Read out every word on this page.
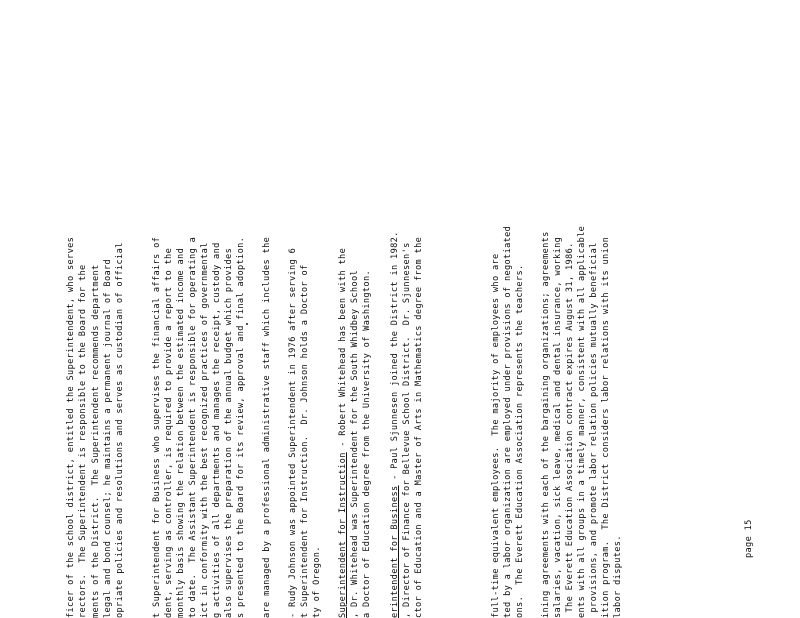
ficer of the school district, entitled the Superintendent, who serves

rectors.  The Superintendent is responsible to the Board for the

ments of the District.  The Superintendent recommends department

legal and bond counsel; he maintains a permanent journal of Board

opriate policies and resolutions and serves as custodian of official

	t Superintendent for Business who supervises the financial affairs of

dent, serving as controller, is required to provide a report to the

monthly basis showing the relation between the estimated income and

to date.  The Assistant Superintendent is responsible for operating a

ict in conformity with the best recognized practices of governmental

g activities of all departments and manages the receipt, custody and

also supervises the preparation of the annual budget which provides

s presented to the Board for its review, approval and final adoption.

are managed by a professional administrative staff which includes the

- Rudy Johnson was appointed Superintendent in 1976 after serving 6

t Superintendent for Instruction.  Dr. Johnson holds a Doctor of

ty of Oregon.

Superintendent for Instruction - Robert Whitehead has been with the

, Dr. Whitehead was Superintendent for the South Whidbey School

a Doctor of Education degree from the University of Washington.

erintendent for Business - Paul Sjunnesen joined the District in 1982.

, Director of Finance for Bellevue School District.  Dr. Sjunnesen's

ctor of Education and a Master of Arts in Mathematics degree from the

	full-time equivalent employees.  The majority of employees who are

ted by a labor organization are employed under provisions of negotiated

ons.  The Everett Education Association represents the teachers.

ining agreements with each of the bargaining organizations; agreements

salaries, vacation, sick leave, medical and dental insurance, working

The Everett Education Association contract expires August 31, 1986.

ents with all groups in a timely manner, consistent with all applicable

provisions, and promote labor relation policies mutually beneficial

ition program.  The District considers labor relations with its union

labor disputes.

	page 15
